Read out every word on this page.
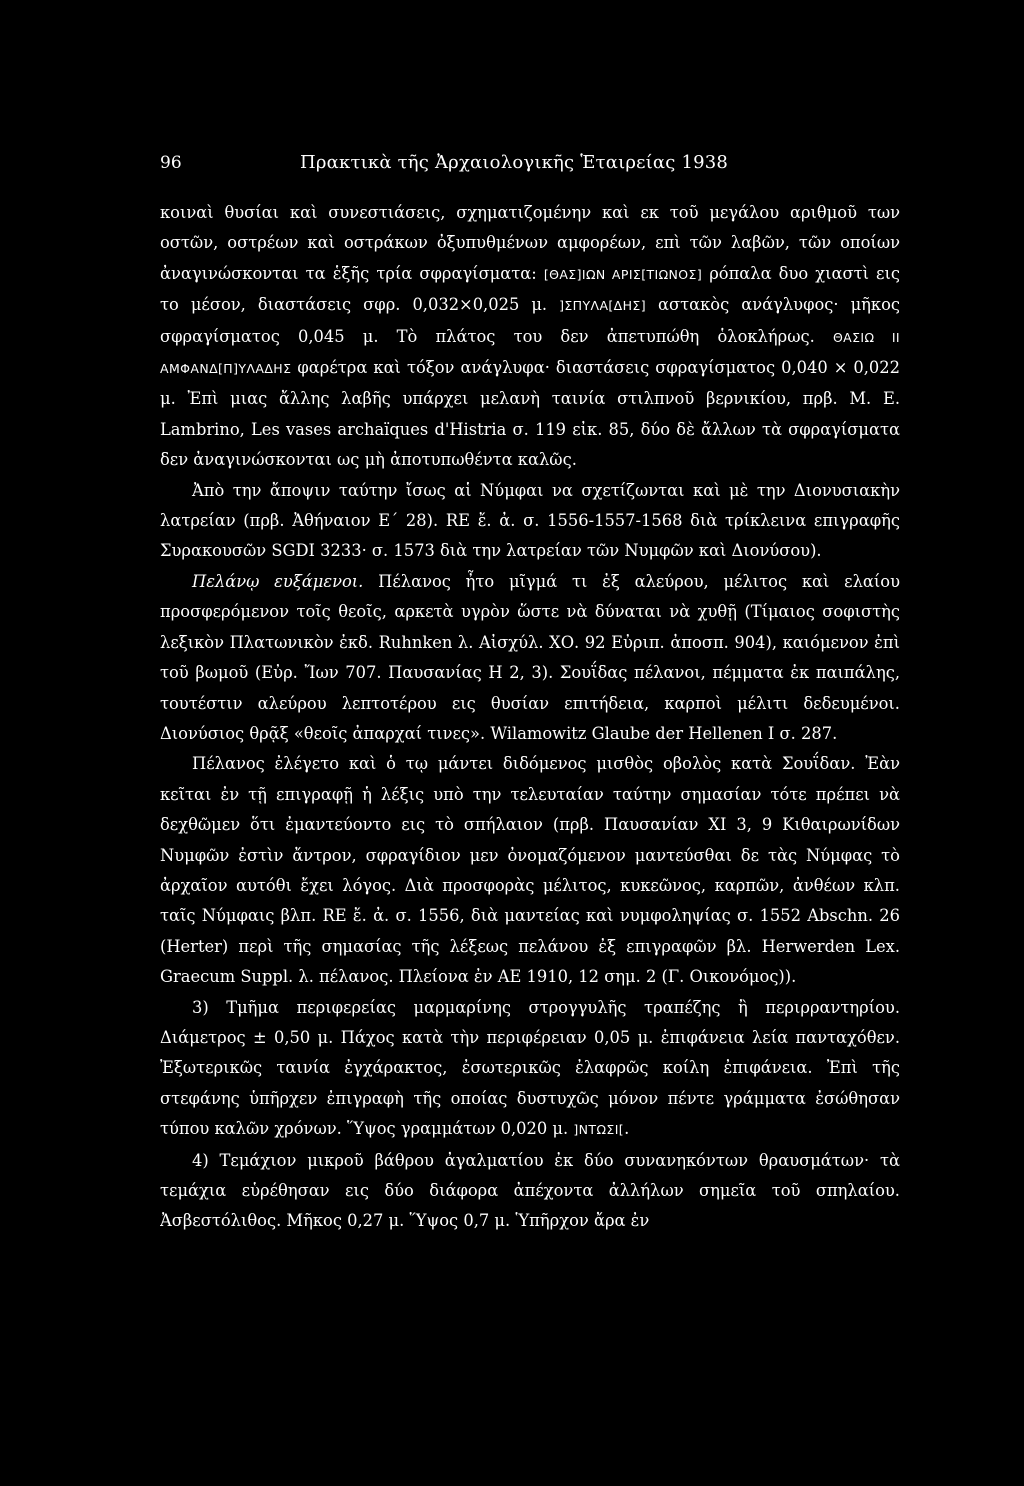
96	Πρακτικὰ τῆς Ἀρχαιολογικῆς Ἑταιρείας 1938

κοιναὶ θυσίαι καὶ συνεστιάσεις, σχηματιζομένην καὶ εκ τοῦ μεγάλου αριθμοῦ των οστῶν, οστρέων καὶ οστράκων ὀξυπυθμένων αμφορέων, επὶ τῶν λαβῶν, τῶν οποίων ἀναγινώσκονται τα ἑξῆς τρία σφραγίσματα: [ΘΑΣ]ΙΩΝ ΑΡΙΣ[ΤΙΩΝΟΣ] ρόπαλα δυο χιαστὶ εις το μέσον, διαστάσεις σφρ. 0,032×0,025 μ. ]ΣΠΥΛΑ[ΔΗΣ] αστακὸς ανάγλυφος· μῆκος σφραγίσματος 0,045 μ. Τὸ πλάτος του δεν ἀπετυπώθη ὁλοκλήρως. ΘΑΣΙΩ ΙΙ ΑΜΦΑΝΔ[Π]ΥΛΑΔΗΣ φαρέτρα καὶ τόξον ανάγλυφα· διαστάσεις σφραγίσματος 0,040 × 0,022 μ. Ἐπὶ μιας ἄλλης λαβῆς υπάρχει μελανὴ ταινία στιλπνοῦ βερνικίου, πρβ. M. E. Lambrino, Les vases archaïques d'Histria σ. 119 εἰκ. 85, δύο δὲ ἄλλων τὰ σφραγίσματα δεν ἀναγινώσκονται ως μὴ ἀποτυπωθέντα καλῶς.

Ἀπὸ την ἄποψιν ταύτην ἴσως αἱ Νύμφαι να σχετίζωνται καὶ μὲ την Διονυσιακὴν λατρείαν (πρβ. Ἀθήναιον Ε΄ 28). RE ἔ. ἀ. σ. 1556-1557-1568 διὰ τρίκλεινα επιγραφῆς Συρακουσῶν SGDI 3233· σ. 1573 διὰ την λατρείαν τῶν Νυμφῶν καὶ Διονύσου).

Πελάνῳ ευξάμενοι. Πέλανος ἦτο μῖγμά τι ἐξ αλεύρου, μέλιτος καὶ ελαίου προσφερόμενον τοῖς θεοῖς, αρκετὰ υγρὸν ὥστε νὰ δύναται νὰ χυθῇ (Τίμαιος σοφιστὴς λεξικὸν Πλατωνικὸν ἐκδ. Ruhnken λ. Αἰσχύλ. ΧΟ. 92 Εὐριπ. ἀποσπ. 904), καιόμενον ἐπὶ τοῦ βωμοῦ (Εὐρ. Ἴων 707. Παυσανίας Η 2, 3). Σουΐδας πέλανοι, πέμματα ἐκ παιπάλης, τουτέστιν αλεύρου λεπτοτέρου εις θυσίαν επιτήδεια, καρποὶ μέλιτι δεδευμένοι. Διονύσιος θρᾷξ «θεοῖς ἀπαρχαί τινες». Wilamowitz Glaube der Hellenen I σ. 287.

Πέλανος ἐλέγετο καὶ ὁ τῳ μάντει διδόμενος μισθὸς οβολὸς κατὰ Σουΐδαν. Ἐὰν κεῖται ἐν τῇ επιγραφῇ ἡ λέξις υπὸ την τελευταίαν ταύτην σημασίαν τότε πρέπει νὰ δεχθῶμεν ὅτι ἐμαντεύοντο εις τὸ σπήλαιον (πρβ. Παυσανίαν XI 3, 9 Κιθαιρωνίδων Νυμφῶν ἐστὶν ἄντρον, σφραγίδιον μεν ὀνομαζόμενον μαντεύσθαι δε τὰς Νύμφας τὸ ἀρχαῖον αυτόθι ἔχει λόγος. Διὰ προσφορὰς μέλιτος, κυκεῶνος, καρπῶν, ἀνθέων κλπ. ταῖς Νύμφαις βλπ. RE ἔ. ἀ. σ. 1556, διὰ μαντείας καὶ νυμφοληψίας σ. 1552 Abschn. 26 (Herter) περὶ τῆς σημασίας τῆς λέξεως πελάνου ἐξ επιγραφῶν βλ. Herwerden Lex. Graecum Suppl. λ. πέλανος. Πλείονα ἐν ΑΕ 1910, 12 σημ. 2 (Γ. Οικονόμος)).

3) Τμῆμα περιφερείας μαρμαρίνης στρογγυλῆς τραπέζης ἢ περιρραντηρίου. Διάμετρος ± 0,50 μ. Πάχος κατὰ τὴν περιφέρειαν 0,05 μ. ἐπιφάνεια λεία πανταχόθεν. Ἐξωτερικῶς ταινία ἐγχάρακτος, ἐσωτερικῶς ἐλαφρῶς κοίλη ἐπιφάνεια. Ἐπὶ τῆς στεφάνης ὑπῆρχεν ἐπιγραφὴ τῆς οποίας δυστυχῶς μόνον πέντε γράμματα ἐσώθησαν τύπου καλῶν χρόνων. Ὕψος γραμμάτων 0,020 μ. ]ΝΤΩΣΙ[.

4) Τεμάχιον μικροῦ βάθρου ἀγαλματίου ἐκ δύο συνανηκόντων θραυσμάτων· τὰ τεμάχια εὑρέθησαν εις δύο διάφορα ἀπέχοντα ἀλλήλων σημεῖα τοῦ σπηλαίου. Ἀσβεστόλιθος. Μῆκος 0,27 μ. Ὕψος 0,7 μ. Ὑπῆρχον ἄρα ἐν
